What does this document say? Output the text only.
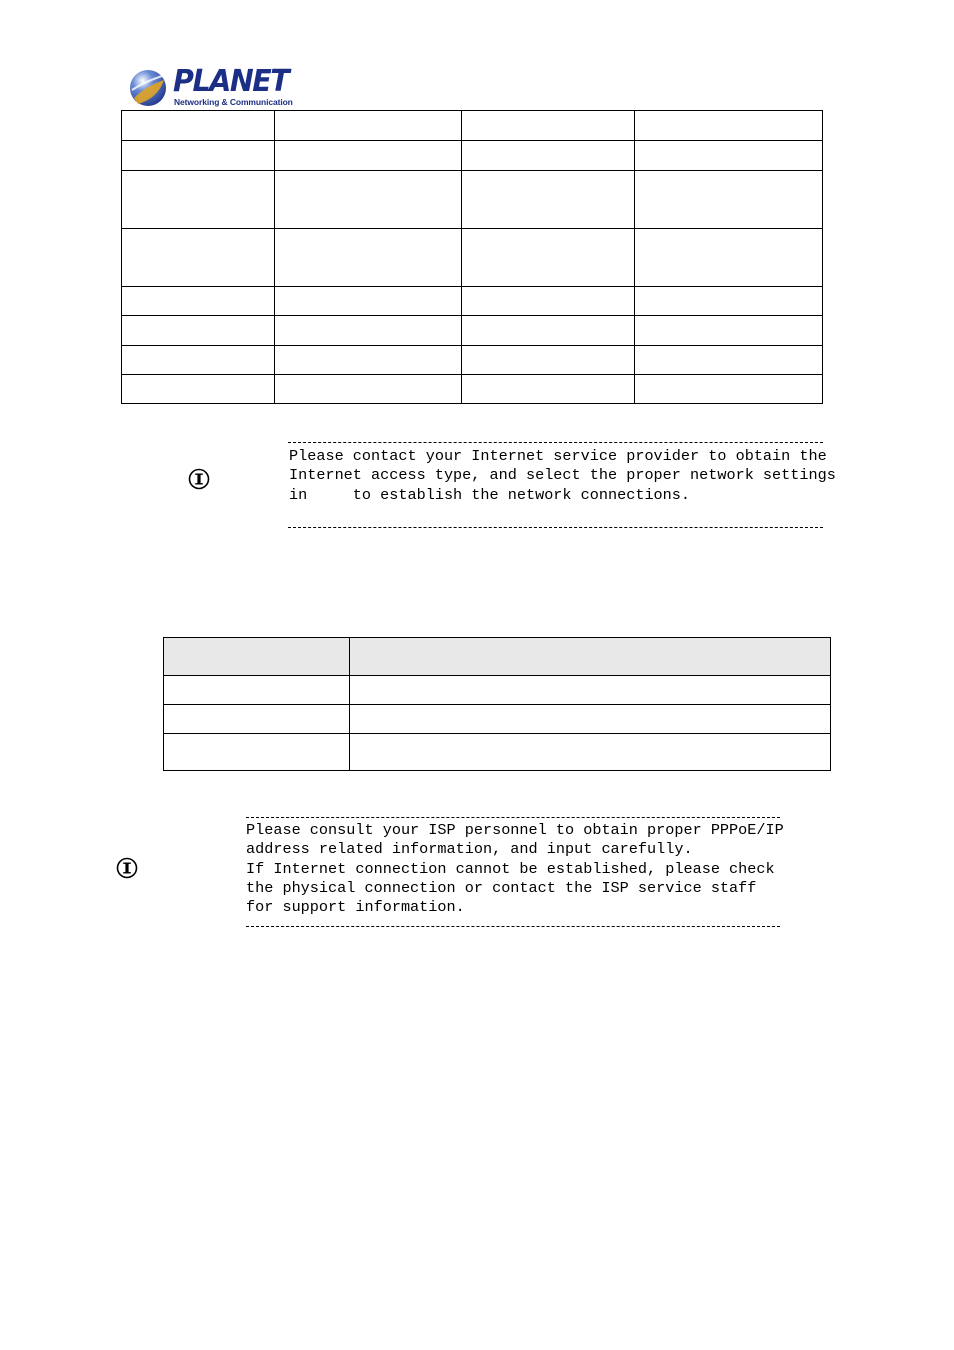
PLANET
Networking & Communication

Please contact your Internet service provider to obtain the
Internet access type, and select the proper network settings
in     to establish the network connections.

Please consult your ISP personnel to obtain proper PPPoE/IP
address related information, and input carefully.
If Internet connection cannot be established, please check
the physical connection or contact the ISP service staff
for support information.
